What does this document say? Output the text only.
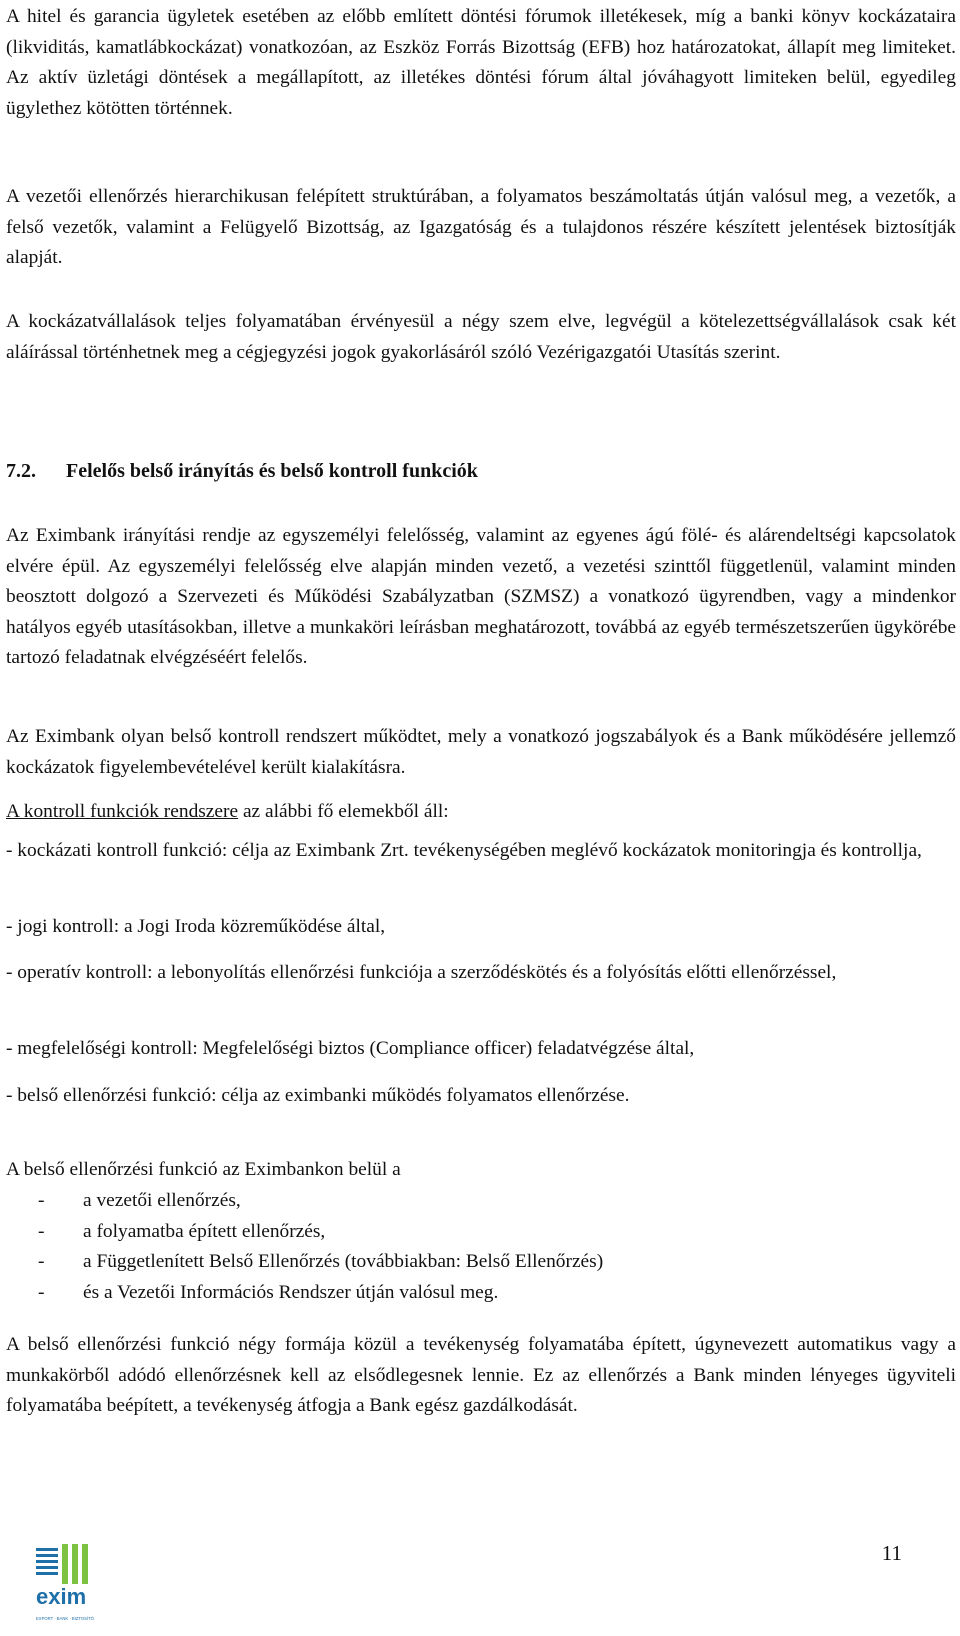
A hitel és garancia ügyletek esetében az előbb említett döntési fórumok illetékesek, míg a banki könyv kockázataira (likviditás, kamatlábkockázat) vonatkozóan, az Eszköz Forrás Bizottság (EFB) hoz határozatokat, állapít meg limiteket. Az aktív üzletági döntések a megállapított, az illetékes döntési fórum által jóváhagyott limiteken belül, egyedileg ügylethez kötötten történnek.

A vezetői ellenőrzés hierarchikusan felépített struktúrában, a folyamatos beszámoltatás útján valósul meg, a vezetők, a felső vezetők, valamint a Felügyelő Bizottság, az Igazgatóság és a tulajdonos részére készített jelentések biztosítják alapját.

A kockázatvállalások teljes folyamatában érvényesül a négy szem elve, legvégül a kötelezettségvállalások csak két aláírással történhetnek meg a cégjegyzési jogok gyakorlásáról szóló Vezérigazgatói Utasítás szerint.

7.2. Felelős belső irányítás és belső kontroll funkciók

Az Eximbank irányítási rendje az egyszemélyi felelősség, valamint az egyenes ágú fölé- és alárendeltségi kapcsolatok elvére épül. Az egyszemélyi felelősség elve alapján minden vezető, a vezetési szinttől függetlenül, valamint minden beosztott dolgozó a Szervezeti és Működési Szabályzatban (SZMSZ) a vonatkozó ügyrendben, vagy a mindenkor hatályos egyéb utasításokban, illetve a munkaköri leírásban meghatározott, továbbá az egyéb természetszerűen ügykörébe tartozó feladatnak elvégzéséért felelős.

Az Eximbank olyan belső kontroll rendszert működtet, mely a vonatkozó jogszabályok és a Bank működésére jellemző kockázatok figyelembevételével került kialakításra.

A kontroll funkciók rendszere az alábbi fő elemekből áll:

- kockázati kontroll funkció: célja az Eximbank Zrt. tevékenységében meglévő kockázatok monitoringja és kontrollja,

- jogi kontroll: a Jogi Iroda közreműködése által,

- operatív kontroll: a lebonyolítás ellenőrzési funkciója a szerződéskötés és a folyósítás előtti ellenőrzéssel,

- megfelelőségi kontroll: Megfelelőségi biztos (Compliance officer) feladatvégzése által,

- belső ellenőrzési funkció: célja az eximbanki működés folyamatos ellenőrzése.

A belső ellenőrzési funkció az Eximbankon belül a

- a vezetői ellenőrzés,
- a folyamatba épített ellenőrzés,
- a Függetlenített Belső Ellenőrzés (továbbiakban: Belső Ellenőrzés)
- és a Vezetői Információs Rendszer útján valósul meg.

A belső ellenőrzési funkció négy formája közül a tevékenység folyamatába épített, úgynevezett automatikus vagy a munkakörből adódó ellenőrzésnek kell az elsődlegesnek lennie. Ez az ellenőrzés a Bank minden lényeges ügyviteli folyamatába beépített, a tevékenység átfogja a Bank egész gazdálkodását.

exim
EXPORT · BANK · BIZTOSÍTÓ
11
